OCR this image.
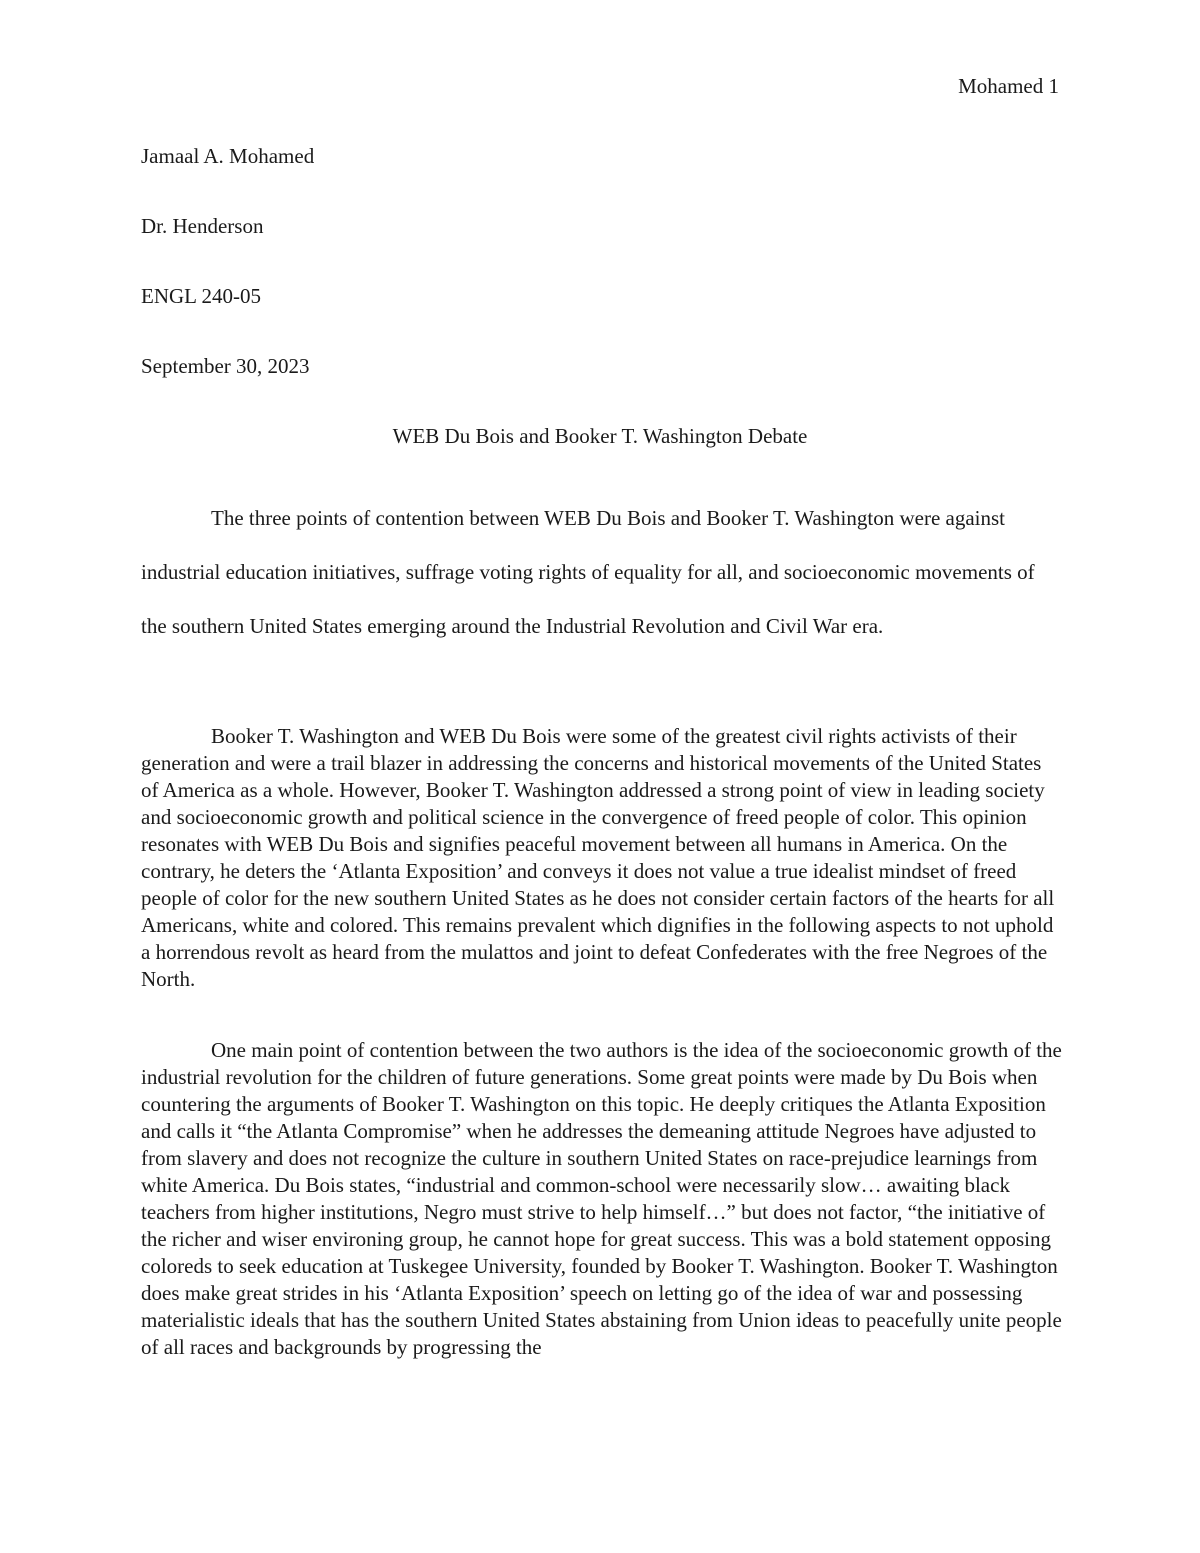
Mohamed 1
Jamaal A. Mohamed
Dr. Henderson
ENGL 240-05
September 30, 2023
WEB Du Bois and Booker T. Washington Debate

The three points of contention between WEB Du Bois and Booker T. Washington were against industrial education initiatives, suffrage voting rights of equality for all, and socioeconomic movements of the southern United States emerging around the Industrial Revolution and Civil War era.

Booker T. Washington and WEB Du Bois were some of the greatest civil rights activists of their generation and were a trail blazer in addressing the concerns and historical movements of the United States of America as a whole. However, Booker T. Washington addressed a strong point of view in leading society and socioeconomic growth and political science in the convergence of freed people of color. This opinion resonates with WEB Du Bois and signifies peaceful movement between all humans in America. On the contrary, he deters the ‘Atlanta Exposition’ and conveys it does not value a true idealist mindset of freed people of color for the new southern United States as he does not consider certain factors of the hearts for all Americans, white and colored. This remains prevalent which dignifies in the following aspects to not uphold a horrendous revolt as heard from the mulattos and joint to defeat Confederates with the free Negroes of the North.

One main point of contention between the two authors is the idea of the socioeconomic growth of the industrial revolution for the children of future generations. Some great points were made by Du Bois when countering the arguments of Booker T. Washington on this topic. He deeply critiques the Atlanta Exposition and calls it “the Atlanta Compromise” when he addresses the demeaning attitude Negroes have adjusted to from slavery and does not recognize the culture in southern United States on race-prejudice learnings from white America. Du Bois states, “industrial and common-school were necessarily slow… awaiting black teachers from higher institutions, Negro must strive to help himself…” but does not factor, “the initiative of the richer and wiser environing group, he cannot hope for great success. This was a bold statement opposing coloreds to seek education at Tuskegee University, founded by Booker T. Washington. Booker T. Washington does make great strides in his ‘Atlanta Exposition’ speech on letting go of the idea of war and possessing materialistic ideals that has the southern United States abstaining from Union ideas to peacefully unite people of all races and backgrounds by progressing the
